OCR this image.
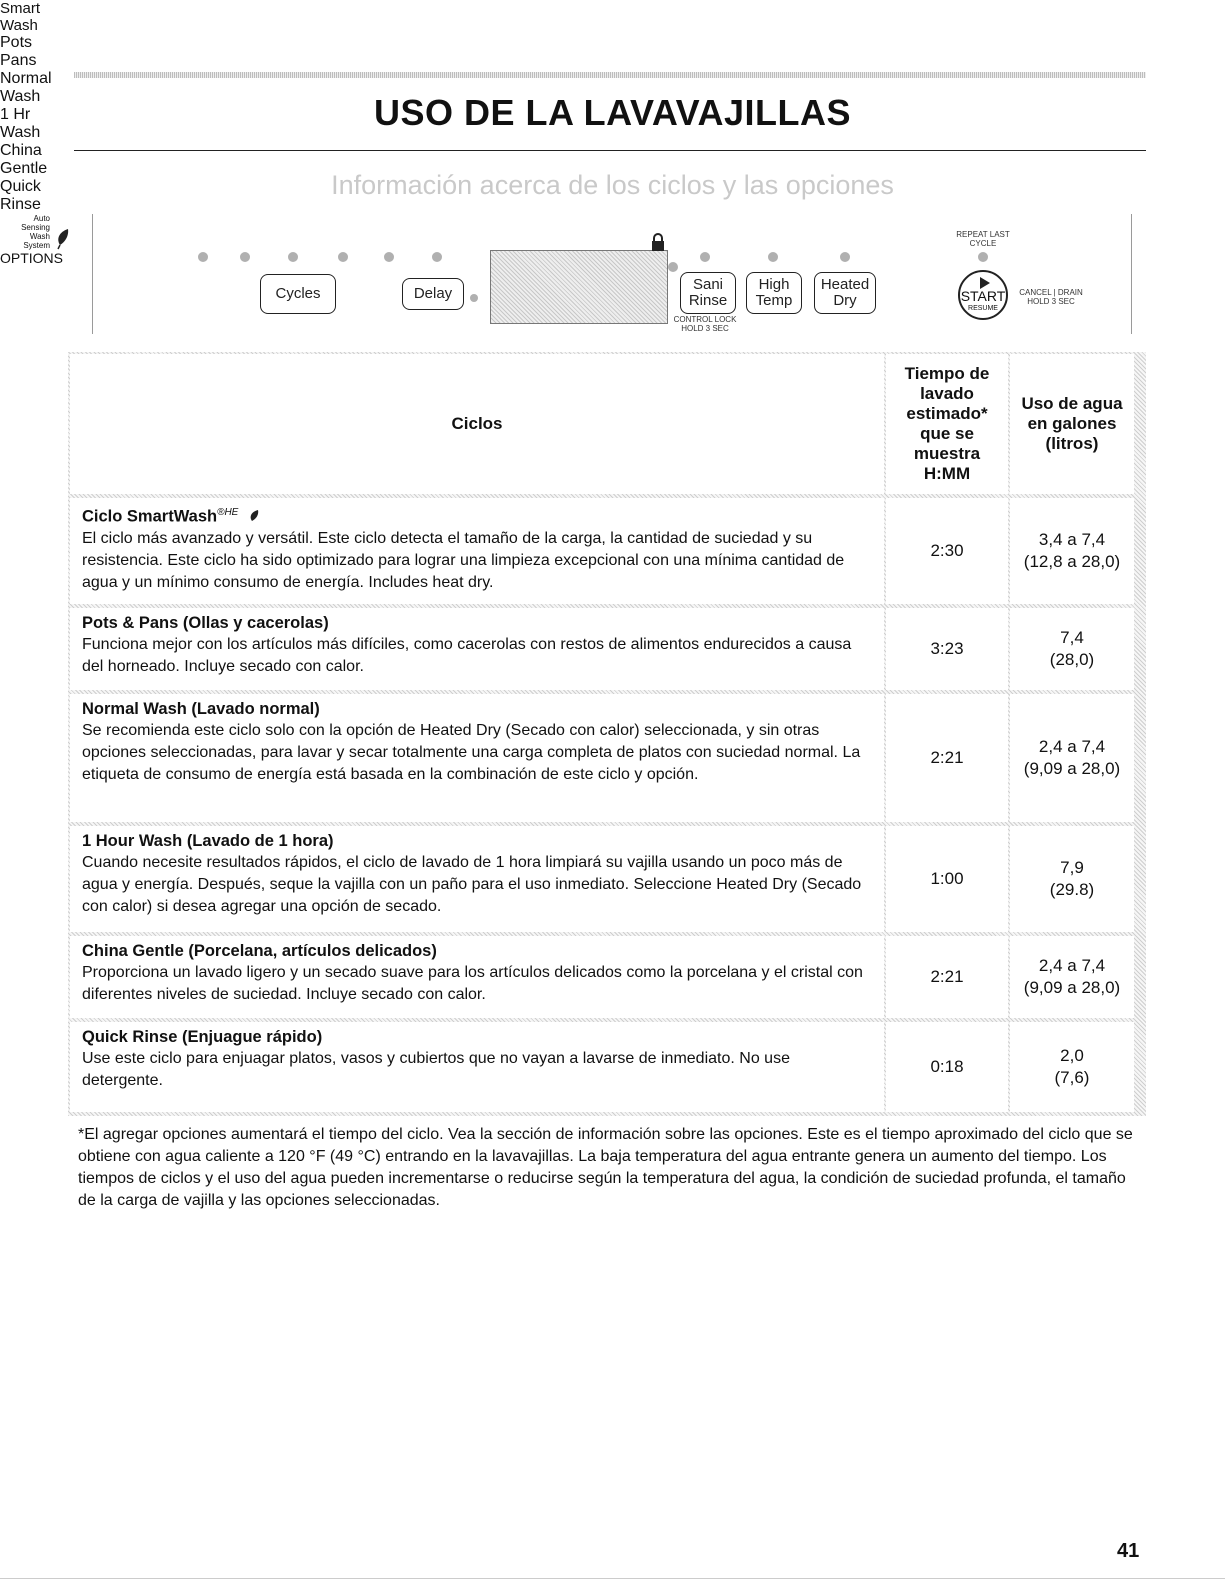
USO DE LA LAVAVAJILLAS
Información acerca de los ciclos y las opciones
Smart
Wash
Pots
Pans
Normal
Wash
1 Hr
Wash
China
Gentle
Quick
Rinse
Auto
Sensing
Wash
System
Cycles	Delay
OPTIONS
Sani
Rinse
High
Temp
Heated
Dry
CONTROL LOCK
HOLD 3 SEC
REPEAT LAST
CYCLE
START
RESUME
CANCEL | DRAIN
HOLD 3 SEC
Ciclos
Tiempo de
lavado
estimado*
que se
muestra
H:MM
Uso de agua
en galones
(litros)
Ciclo SmartWash$^{®HE}$
El ciclo más avanzado y versátil. Este ciclo detecta el tamaño de la carga, la cantidad de suciedad y su resistencia. Este ciclo ha sido optimizado para lograr una limpieza excepcional con una mínima cantidad de agua y un mínimo consumo de energía. Includes heat dry.
2:30
3,4 a 7,4
(12,8 a 28,0)
Pots & Pans (Ollas y cacerolas)
Funciona mejor con los artículos más difíciles, como cacerolas con restos de alimentos endurecidos a causa del horneado. Incluye secado con calor.
3:23
7,4
(28,0)
Normal Wash (Lavado normal)
Se recomienda este ciclo solo con la opción de Heated Dry (Secado con calor) seleccionada, y sin otras opciones seleccionadas, para lavar y secar totalmente una carga completa de platos con suciedad normal. La etiqueta de consumo de energía está basada en la combinación de este ciclo y opción.
2:21
2,4 a 7,4
(9,09 a 28,0)
1 Hour Wash (Lavado de 1 hora)
Cuando necesite resultados rápidos, el ciclo de lavado de 1 hora limpiará su vajilla usando un poco más de agua y energía. Después, seque la vajilla con un paño para el uso inmediato. Seleccione Heated Dry (Secado con calor) si desea agregar una opción de secado.
1:00
7,9
(29.8)
China Gentle (Porcelana, artículos delicados)
Proporciona un lavado ligero y un secado suave para los artículos delicados como la porcelana y el cristal con diferentes niveles de suciedad. Incluye secado con calor.
2:21
2,4 a 7,4
(9,09 a 28,0)
Quick Rinse (Enjuague rápido)
Use este ciclo para enjuagar platos, vasos y cubiertos que no vayan a lavarse de inmediato. No use detergente.
0:18
2,0
(7,6)
*El agregar opciones aumentará el tiempo del ciclo. Vea la sección de información sobre las opciones. Este es el tiempo aproximado del ciclo que se obtiene con agua caliente a 120 °F (49 °C) entrando en la lavavajillas. La baja temperatura del agua entrante genera un aumento del tiempo. Los tiempos de ciclos y el uso del agua pueden incrementarse o reducirse según la temperatura del agua, la condición de suciedad profunda, el tamaño de la carga de vajilla y las opciones seleccionadas.
41
